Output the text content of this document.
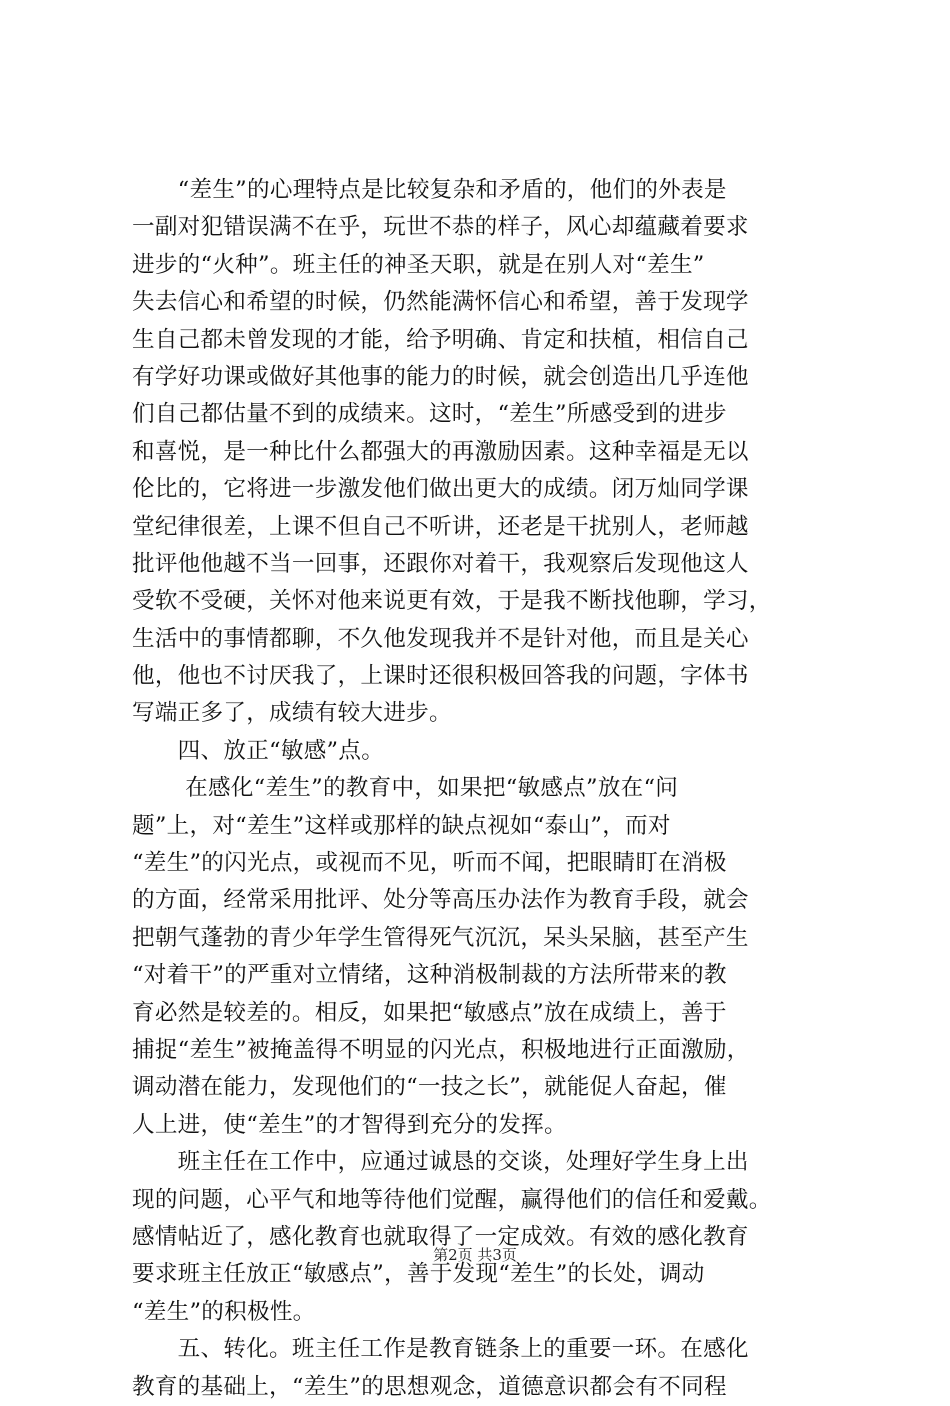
　　“差生”的心理特点是比较复杂和矛盾的，他们的外表是
一副对犯错误满不在乎，玩世不恭的样子，风心却蕴藏着要求
进步的“火种”。班主任的神圣天职，就是在别人对“差生”
失去信心和希望的时候，仍然能满怀信心和希望，善于发现学
生自己都未曾发现的才能，给予明确、肯定和扶植，相信自己
有学好功课或做好其他事的能力的时候，就会创造出几乎连他
们自己都估量不到的成绩来。这时，“差生”所感受到的进步
和喜悦，是一种比什么都强大的再激励因素。这种幸福是无以
伦比的，它将进一步激发他们做出更大的成绩。闭万灿同学课
堂纪律很差，上课不但自己不听讲，还老是干扰别人，老师越
批评他他越不当一回事，还跟你对着干，我观察后发现他这人
受软不受硬，关怀对他来说更有效，于是我不断找他聊，学习，
生活中的事情都聊，不久他发现我并不是针对他，而且是关心
他，他也不讨厌我了，上课时还很积极回答我的问题，字体书
写端正多了，成绩有较大进步。
　　四、放正“敏感”点。
　　 在感化“差生”的教育中，如果把“敏感点”放在“问
题”上，对“差生”这样或那样的缺点视如“泰山”，而对
“差生”的闪光点，或视而不见，听而不闻，把眼睛盯在消极
的方面，经常采用批评、处分等高压办法作为教育手段，就会
把朝气蓬勃的青少年学生管得死气沉沉，呆头呆脑，甚至产生
“对着干”的严重对立情绪，这种消极制裁的方法所带来的教
育必然是较差的。相反，如果把“敏感点”放在成绩上，善于
捕捉“差生”被掩盖得不明显的闪光点，积极地进行正面激励，
调动潜在能力，发现他们的“一技之长”，就能促人奋起，催
人上进，使“差生”的才智得到充分的发挥。
　　班主任在工作中，应通过诚恳的交谈，处理好学生身上出
现的问题，心平气和地等待他们觉醒，赢得他们的信任和爱戴。
感情帖近了，感化教育也就取得了一定成效。有效的感化教育
要求班主任放正“敏感点”，善于发现“差生”的长处，调动
“差生”的积极性。
　　五、转化。班主任工作是教育链条上的重要一环。在感化
教育的基础上，“差生”的思想观念，道德意识都会有不同程
第2页 共3页
